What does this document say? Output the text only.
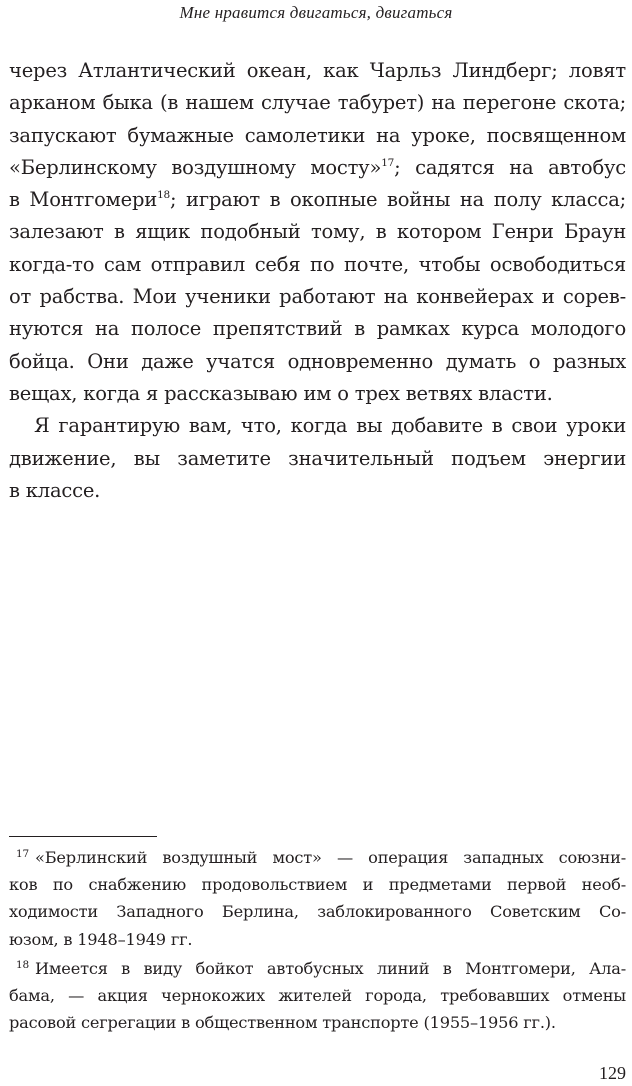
Мне нравится двигаться, двигаться
через Атлантический океан, как Чарльз Линдберг; ловят
арканом быка (в нашем случае табурет) на перегоне скота;
запускают бумажные самолетики на уроке, посвященном
«Берлинскому воздушному мосту»$^{17}$; садятся на автобус
в Монтгомери$^{18}$; играют в окопные войны на полу класса;
залезают в ящик подобный тому, в котором Генри Браун
когда-то сам отправил себя по почте, чтобы освободиться
от рабства. Мои ученики работают на конвейерах и сорев-
нуются на полосе препятствий в рамках курса молодого
бойца. Они даже учатся одновременно думать о разных
вещах, когда я рассказываю им о трех ветвях власти.
Я гарантирую вам, что, когда вы добавите в свои уроки
движение, вы заметите значительный подъем энергии
в классе.
17 «Берлинский воздушный мост» — операция западных союзни-
ков по снабжению продовольствием и предметами первой необ-
ходимости Западного Берлина, заблокированного Советским Со-
юзом, в 1948–1949 гг.
18 Имеется в виду бойкот автобусных линий в Монтгомери, Ала-
бама, — акция чернокожих жителей города, требовавших отмены
расовой сегрегации в общественном транспорте (1955–1956 гг.).
129
